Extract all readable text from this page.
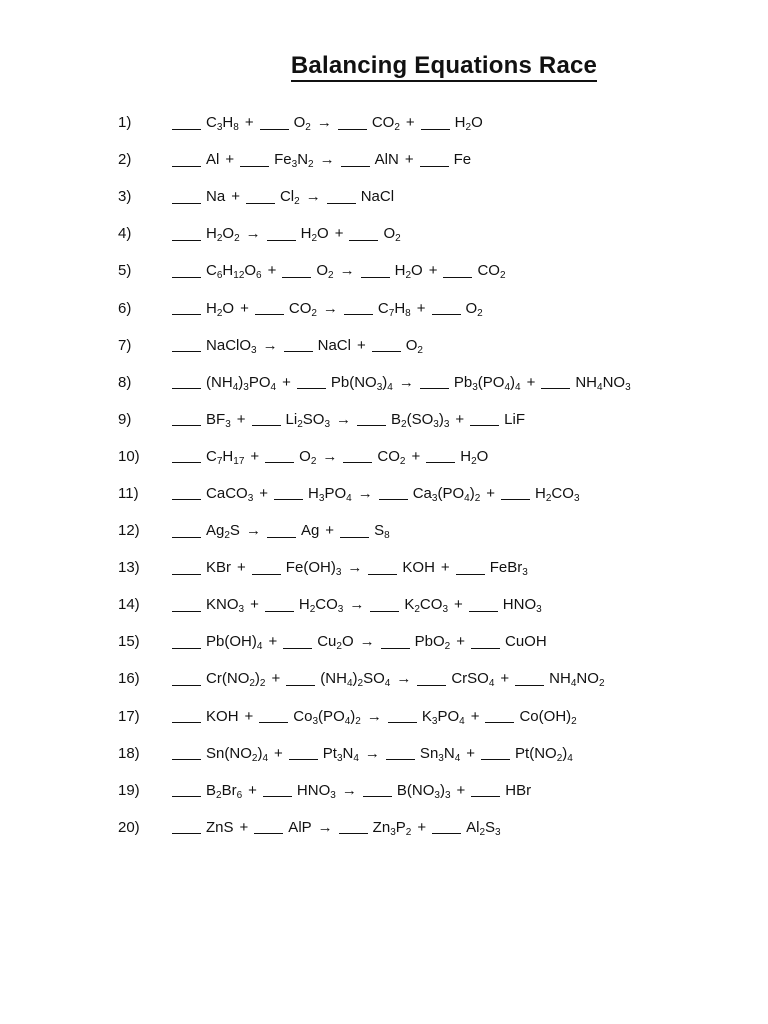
Balancing Equations Race
1)	$C_3H_8$ +	$O_2$ →	$CO_2$ +	$H_2O$
2)	Al +	$Fe_3N_2$ →	AlN +	Fe
3)	Na +	$Cl_2$ →	NaCl
4)	$H_2O_2$ →	$H_2O$ +	$O_2$
5)	$C_6H_{12}O_6$ +	$O_2$ →	$H_2O$ +	$CO_2$
6)	$H_2O$ +	$CO_2$ →	$C_7H_8$ +	$O_2$
7)	NaClO$_3$ →	NaCl +	$O_2$
8)	$(NH_4)_3PO_4$ +	$Pb(NO_3)_4$ →	$Pb_3(PO_4)_4$ +	$NH_4NO_3$
9)	$BF_3$ +	$Li_2SO_3$ →	$B_2(SO_3)_3$ +	LiF
10)	$C_7H_{17}$ +	$O_2$ →	$CO_2$ +	$H_2O$
11)	CaCO$_3$ +	$H_3PO_4$ →	$Ca_3(PO_4)_2$ +	$H_2CO_3$
12)	$Ag_2S$ →	Ag +	$S_8$
13)	KBr +	$Fe(OH)_3$ →	KOH +	FeBr$_3$
14)	$KNO_3$ +	$H_2CO_3$ →	$K_2CO_3$ +	$HNO_3$
15)	$Pb(OH)_4$ +	$Cu_2O$ →	PbO$_2$ +	CuOH
16)	$Cr(NO_2)_2$ +	$(NH_4)_2SO_4$ →	CrSO$_4$ +	$NH_4NO_2$
17)	KOH +	$Co_3(PO_4)_2$ →	$K_3PO_4$ +	$Co(OH)_2$
18)	$Sn(NO_2)_4$ +	$Pt_3N_4$ →	$Sn_3N_4$ +	$Pt(NO_2)_4$
19)	$B_2Br_6$ +	$HNO_3$ →	$B(NO_3)_3$ +	HBr
20)	ZnS +	AlP →	$Zn_3P_2$ +	$Al_2S_3$
